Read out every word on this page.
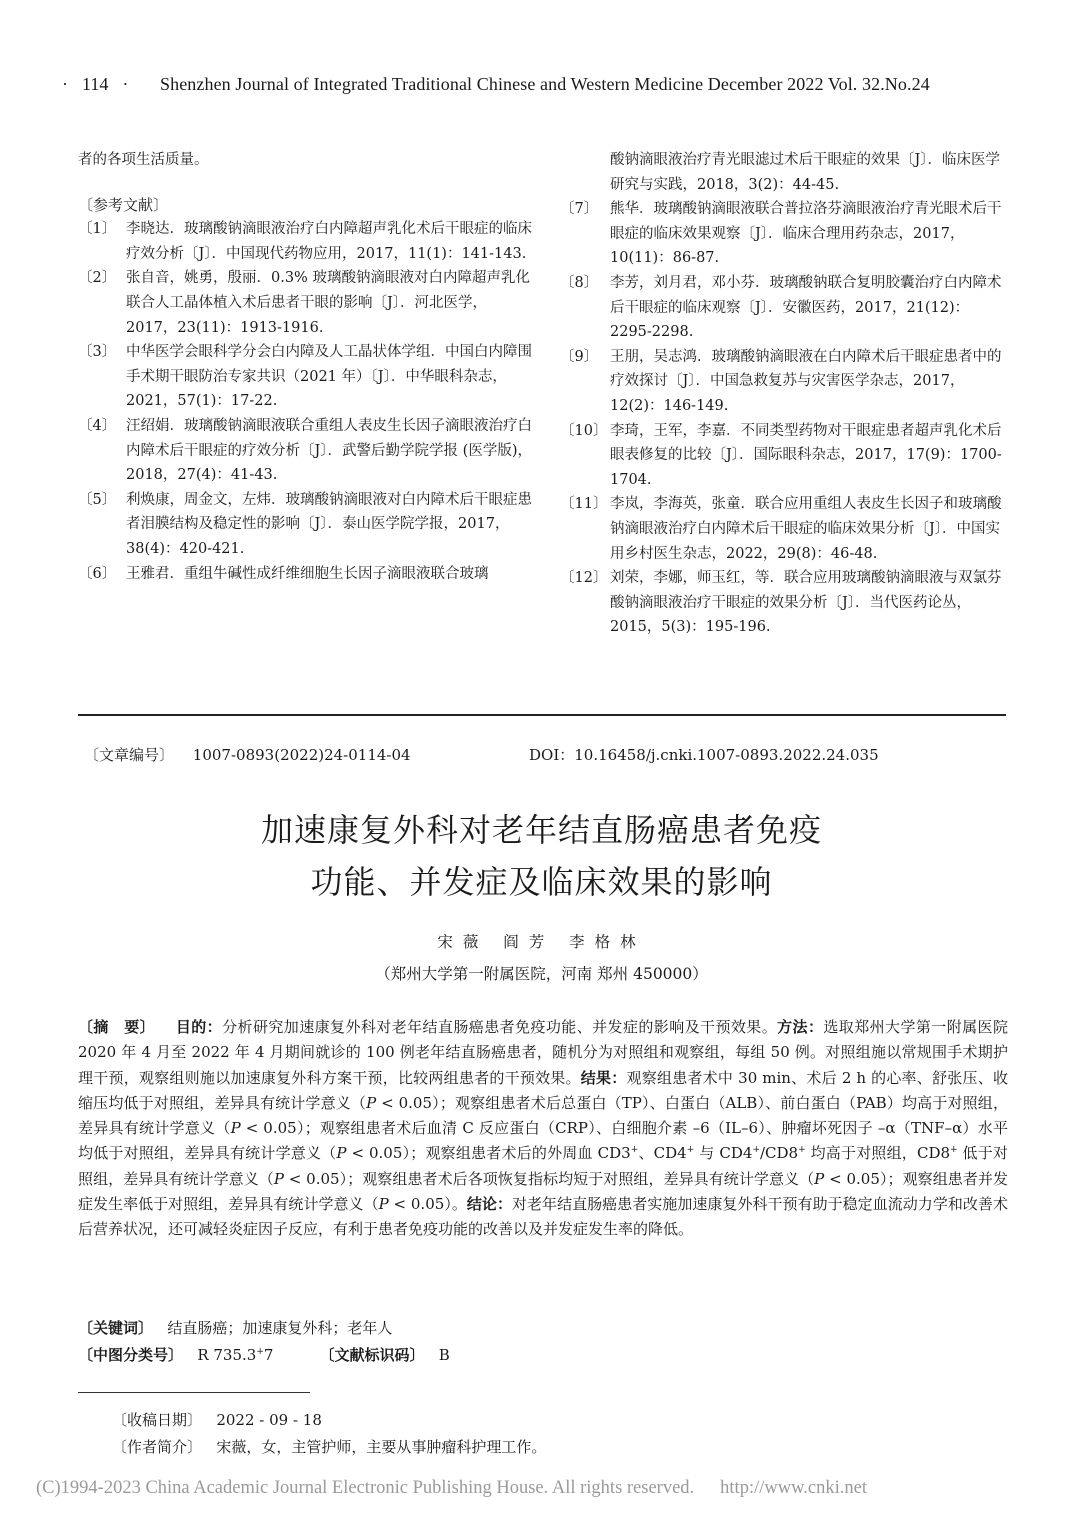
· 114 · Shenzhen Journal of Integrated Traditional Chinese and Western Medicine December 2022 Vol. 32.No.24
者的各项生活质量。
〔参考文献〕
〔1〕 李晓达．玻璃酸钠滴眼液治疗白内障超声乳化术后干眼症的临床疗效分析〔J〕．中国现代药物应用，2017，11(1)：141-143.
〔2〕 张自音，姚勇，殷丽．0.3% 玻璃酸钠滴眼液对白内障超声乳化联合人工晶体植入术后患者干眼的影响〔J〕．河北医学，2017，23(11)：1913-1916.
〔3〕 中华医学会眼科学分会白内障及人工晶状体学组．中国白内障围手术期干眼防治专家共识（2021 年）〔J〕．中华眼科杂志，2021，57(1)：17-22.
〔4〕 汪绍娟．玻璃酸钠滴眼液联合重组人表皮生长因子滴眼液治疗白内障术后干眼症的疗效分析〔J〕．武警后勤学院学报 (医学版)，2018，27(4)：41-43.
〔5〕 利焕康，周金文，左炜．玻璃酸钠滴眼液对白内障术后干眼症患者泪膜结构及稳定性的影响〔J〕．泰山医学院学报，2017，38(4)：420-421.
〔6〕 王雅君．重组牛碱性成纤维细胞生长因子滴眼液联合玻璃
酸钠滴眼液治疗青光眼滤过术后干眼症的效果〔J〕．临床医学研究与实践，2018，3(2)：44-45.
〔7〕 熊华．玻璃酸钠滴眼液联合普拉洛芬滴眼液治疗青光眼术后干眼症的临床效果观察〔J〕．临床合理用药杂志，2017，10(11)：86-87.
〔8〕 李芳，刘月君，邓小芬．玻璃酸钠联合复明胶囊治疗白内障术后干眼症的临床观察〔J〕．安徽医药，2017，21(12)：2295-2298.
〔9〕 王朋，吴志鸿．玻璃酸钠滴眼液在白内障术后干眼症患者中的疗效探讨〔J〕．中国急救复苏与灾害医学杂志，2017，12(2)：146-149.
〔10〕 李琦，王军，李嘉．不同类型药物对干眼症患者超声乳化术后眼表修复的比较〔J〕．国际眼科杂志，2017，17(9)：1700-1704.
〔11〕 李岚，李海英，张童．联合应用重组人表皮生长因子和玻璃酸钠滴眼液治疗白内障术后干眼症的临床效果分析〔J〕．中国实用乡村医生杂志，2022，29(8)：46-48.
〔12〕 刘荣，李娜，师玉红，等．联合应用玻璃酸钠滴眼液与双氯芬酸钠滴眼液治疗干眼症的效果分析〔J〕．当代医药论丛，2015，5(3)：195-196.
〔文章编号〕 1007-0893(2022)24-0114-04	DOI：10.16458/j.cnki.1007-0893.2022.24.035
加速康复外科对老年结直肠癌患者免疫
功能、并发症及临床效果的影响
宋薇 阎芳 李格林
（郑州大学第一附属医院，河南 郑州 450000）
〔摘　要〕 目的：分析研究加速康复外科对老年结直肠癌患者免疫功能、并发症的影响及干预效果。方法：选取郑州大学第一附属医院 2020 年 4 月至 2022 年 4 月期间就诊的 100 例老年结直肠癌患者，随机分为对照组和观察组，每组 50 例。对照组施以常规围手术期护理干预，观察组则施以加速康复外科方案干预，比较两组患者的干预效果。结果：观察组患者术中 30 min、术后 2 h 的心率、舒张压、收缩压均低于对照组，差异具有统计学意义（P < 0.05）；观察组患者术后总蛋白（TP）、白蛋白（ALB）、前白蛋白（PAB）均高于对照组，差异具有统计学意义（P < 0.05）；观察组患者术后血清 C 反应蛋白（CRP）、白细胞介素 –6（IL–6）、肿瘤坏死因子 –α（TNF–α）水平均低于对照组，差异具有统计学意义（P < 0.05）；观察组患者术后的外周血 CD3+、CD4+ 与 CD4+/CD8+ 均高于对照组，CD8+ 低于对照组，差异具有统计学意义（P < 0.05）；观察组患者术后各项恢复指标均短于对照组，差异具有统计学意义（P < 0.05）；观察组患者并发症发生率低于对照组，差异具有统计学意义（P < 0.05）。结论：对老年结直肠癌患者实施加速康复外科干预有助于稳定血流动力学和改善术后营养状况，还可减轻炎症因子反应，有利于患者免疫功能的改善以及并发症发生率的降低。
〔关键词〕 结直肠癌；加速康复外科；老年人
〔中图分类号〕 R 735.3+7	〔文献标识码〕 B
〔收稿日期〕 2022 - 09 - 18
〔作者简介〕 宋薇，女，主管护师，主要从事肿瘤科护理工作。
(C)1994-2023 China Academic Journal Electronic Publishing House. All rights reserved. http://www.cnki.net
